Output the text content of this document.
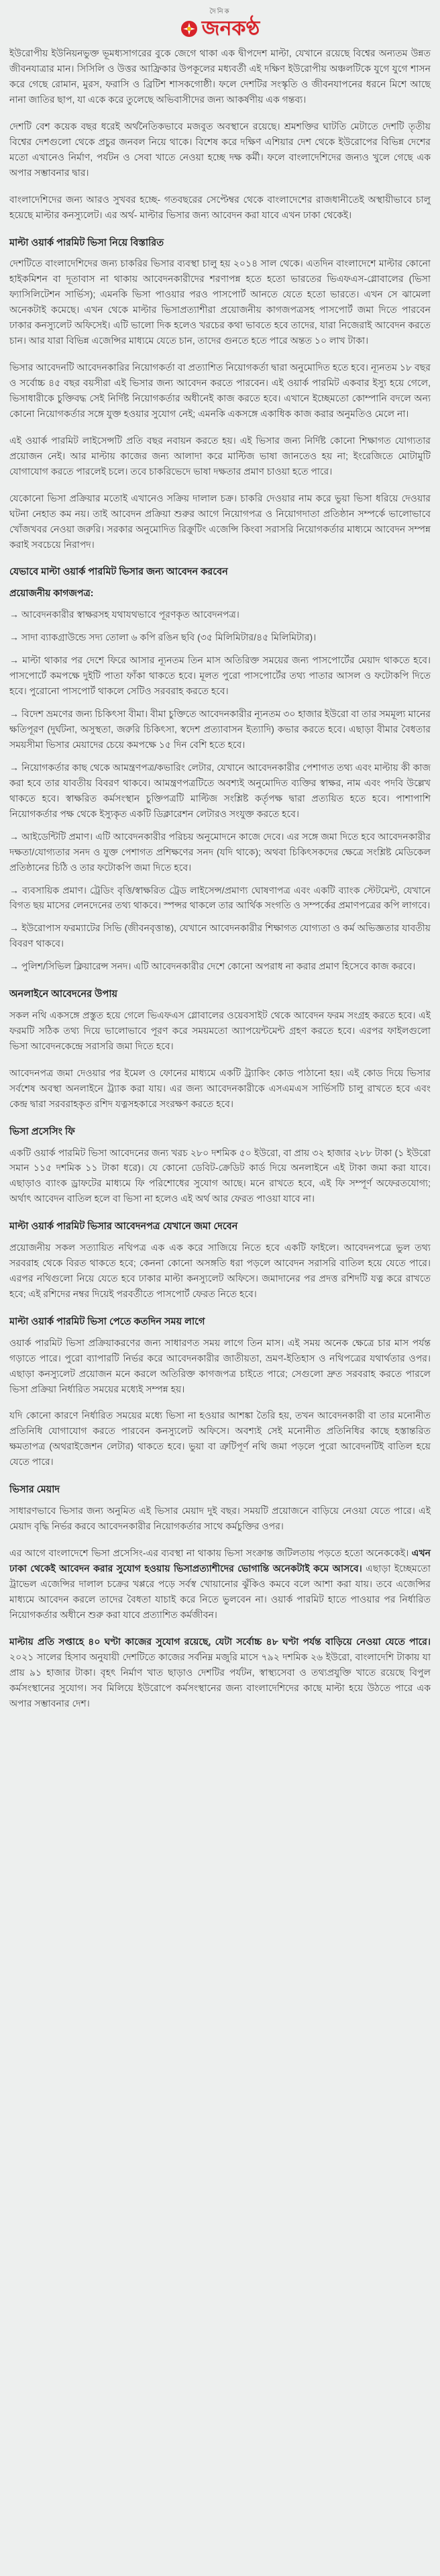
দৈনিক
জনকণ্ঠ

ইউরোপীয় ইউনিয়নভুক্ত ভূমধ্যসাগরের বুকে জেগে থাকা এক দ্বীপদেশ মাল্টা, যেখানে রয়েছে বিশ্বের অন্যতম উন্নত জীবনযাত্রার মান। সিসিলি ও উত্তর আফ্রিকার উপকূলের মধ্যবর্তী এই দক্ষিণ ইউরোপীয় অঞ্চলটিকে যুগে যুগে শাসন করে গেছে রোমান, মুরস, ফরাসি ও ব্রিটিশ শাসকগোষ্ঠী। ফলে দেশটির সংস্কৃতি ও জীবনযাপনের ধরনে মিশে আছে নানা জাতির ছাপ, যা একে করে তুলেছে অভিবাসীদের জন্য আকর্ষণীয় এক গন্তব্য।

দেশটি বেশ কয়েক বছর ধরেই অর্থনৈতিকভাবে মজবুত অবস্থানে রয়েছে। শ্রমশক্তির ঘাটতি মেটাতে দেশটি তৃতীয় বিশ্বের দেশগুলো থেকে প্রচুর জনবল নিয়ে থাকে। বিশেষ করে দক্ষিণ এশিয়ার দেশ থেকে ইউরোপের বিভিন্ন দেশের মতো এখানেও নির্মাণ, পর্যটন ও সেবা খাতে নেওয়া হচ্ছে দক্ষ কর্মী। ফলে বাংলাদেশিদের জন্যও খুলে গেছে এক অপার সম্ভাবনার দ্বার।

বাংলাদেশিদের জন্য আরও সুখবর হচ্ছে- গতবছরের সেপ্টেম্বর থেকে বাংলাদেশের রাজধানীতেই অস্থায়ীভাবে চালু হয়েছে মাল্টার কনস্যুলেট। এর অর্থ- মাল্টার ভিসার জন্য আবেদন করা যাবে এখন ঢাকা থেকেই।

মাল্টা ওয়ার্ক পারমিট ভিসা নিয়ে বিস্তারিত

দেশটিতে বাংলাদেশিদের জন্য চাকরির ভিসার ব্যবস্থা চালু হয় ২০১৪ সাল থেকে। এতদিন বাংলাদেশে মাল্টার কোনো হাইকমিশন বা দূতাবাস না থাকায় আবেদনকারীদের শরণাপন্ন হতে হতো ভারতের ভিএফএস-গ্লোবালের (ভিসা ফ্যাসিলিটেশন সার্ভিস); এমনকি ভিসা পাওয়ার পরও পাসপোর্ট আনতে যেতে হতো ভারতে। এখন সে ঝামেলা অনেকটাই কমেছে। এখন থেকে মাল্টার ভিসাপ্রত্যাশীরা প্রয়োজনীয় কাগজপত্রসহ পাসপোর্ট জমা দিতে পারবেন ঢাকার কনস্যুলেট অফিসেই। এটি ভালো দিক হলেও খরচের কথা ভাবতে হবে তাদের, যারা নিজেরাই আবেদন করতে চান। আর যারা বিভিন্ন এজেন্সির মাধ্যমে যেতে চান, তাদের গুনতে হতে পারে অন্তত ১০ লাখ টাকা।

ভিসার আবেদনটি আবেদনকারির নিয়োগকর্তা বা প্রত্যাশিত নিয়োগকর্তা দ্বারা অনুমোদিত হতে হবে। ন্যূনতম ১৮ বছর ও সর্বোচ্চ ৪৫ বছর বয়সীরা এই ভিসার জন্য আবেদন করতে পারবেন। এই ওয়ার্ক পারমিট একবার ইস্যু হয়ে গেলে, ভিসাধারীকে চুক্তিবদ্ধ সেই নির্দিষ্ট নিয়োগকর্তার অধীনেই কাজ করতে হবে। এখানে ইচ্ছেমতো কোম্পানি বদলে অন্য কোনো নিয়োগকর্তার সঙ্গে যুক্ত হওয়ার সুযোগ নেই; এমনকি একসঙ্গে একাধিক কাজ করার অনুমতিও মেলে না।

এই ওয়ার্ক পারমিট লাইসেন্সটি প্রতি বছর নবায়ন করতে হয়। এই ভিসার জন্য নির্দিষ্ট কোনো শিক্ষাগত যোগ্যতার প্রয়োজন নেই। আর মাল্টায় কাজের জন্য আলাদা করে মাল্টিজ ভাষা জানতেও হয় না; ইংরেজিতে মোটামুটি যোগাযোগ করতে পারলেই চলে। তবে চাকরিভেদে ভাষা দক্ষতার প্রমাণ চাওয়া হতে পারে।

যেকোনো ভিসা প্রক্রিয়ার মতোই এখানেও সক্রিয় দালাল চক্র। চাকরি দেওয়ার নাম করে ভুয়া ভিসা ধরিয়ে দেওয়ার ঘটনা নেহাত কম নয়। তাই আবেদন প্রক্রিয়া শুরুর আগে নিয়োগপত্র ও নিয়োগদাতা প্রতিষ্ঠান সম্পর্কে ভালোভাবে খোঁজখবর নেওয়া জরুরি। সরকার অনুমোদিত রিক্রুটিং এজেন্সি কিংবা সরাসরি নিয়োগকর্তার মাধ্যমে আবেদন সম্পন্ন করাই সবচেয়ে নিরাপদ।

যেভাবে মাল্টা ওয়ার্ক পারমিট ভিসার জন্য আবেদন করবেন

প্রয়োজনীয় কাগজপত্র:

→ আবেদনকারীর স্বাক্ষরসহ যথাযথভাবে পূরণকৃত আবেদনপত্র।

→ সাদা ব্যাকগ্রাউন্ডে সদ্য তোলা ৬ কপি রঙিন ছবি (৩৫ মিলিমিটার/৪৫ মিলিমিটার)।

→ মাল্টা থাকার পর দেশে ফিরে আসার ন্যূনতম তিন মাস অতিরিক্ত সময়ের জন্য পাসপোর্টের মেয়াদ থাকতে হবে। পাসপোর্টে কমপক্ষে দুইটি পাতা ফাঁকা থাকতে হবে। মূলত পুরো পাসপোর্টের তথ্য পাতার আসল ও ফটোকপি দিতে হবে। পুরোনো পাসপোর্ট থাকলে সেটিও সরবরাহ করতে হবে।

→ বিদেশ ভ্রমণের জন্য চিকিৎসা বীমা। বীমা চুক্তিতে আবেদনকারীর ন্যূনতম ৩০ হাজার ইউরো বা তার সমমূল্য মানের ক্ষতিপূরণ (দুর্ঘটনা, অসুস্থতা, জরুরি চিকিৎসা, স্বদেশ প্রত্যাবাসন ইত্যাদি) কভার করতে হবে। এছাড়া বীমার বৈধতার সময়সীমা ভিসার মেয়াদের চেয়ে কমপক্ষে ১৫ দিন বেশি হতে হবে।

→ নিয়োগকর্তার কাছ থেকে আমন্ত্রণপত্র/কভারিং লেটার, যেখানে আবেদনকারীর পেশাগত তথ্য এবং মাল্টায় কী কাজ করা হবে তার যাবতীয় বিবরণ থাকবে। আমন্ত্রণপত্রটিতে অবশ্যই অনুমোদিত ব্যক্তির স্বাক্ষর, নাম এবং পদবি উল্লেখ থাকতে হবে। স্বাক্ষরিত কর্মসংস্থান চুক্তিপত্রটি মাল্টিজ সংশ্লিষ্ট কর্তৃপক্ষ দ্বারা প্রত্যয়িত হতে হবে। পাশাপাশি নিয়োগকর্তার পক্ষ থেকে ইস্যুকৃত একটি ডিক্লারেশন লেটারও সংযুক্ত করতে হবে।

→ আইডেন্টিটি প্রমাণ। এটি আবেদনকারীর পরিচয় অনুমোদনে কাজে দেবে। এর সঙ্গে জমা দিতে হবে আবেদনকারীর দক্ষতা/যোগ্যতার সনদ ও যুক্ত পেশাগত প্রশিক্ষণের সনদ (যদি থাকে); অথবা চিকিৎসকদের ক্ষেত্রে সংশ্লিষ্ট মেডিকেল প্রতিষ্ঠানের চিঠি ও তার ফটোকপি জমা দিতে হবে।

→ ব্যবসায়িক প্রমাণ। ট্রেডিং বৃত্তি/স্বাক্ষরিত ট্রেড লাইসেন্স/প্রমাণ্য ঘোষণাপত্র এবং একটি ব্যাংক স্টেটমেন্ট, যেখানে বিগত ছয় মাসের লেনদেনের তথ্য থাকবে। স্পন্সর থাকলে তার আর্থিক সংগতি ও সম্পর্কের প্রমাণপত্রের কপি লাগবে।

→ ইউরোপাস ফরম্যাটের সিভি (জীবনবৃত্তান্ত), যেখানে আবেদনকারীর শিক্ষাগত যোগ্যতা ও কর্ম অভিজ্ঞতার যাবতীয় বিবরণ থাকবে।

→ পুলিশ/সিভিল ক্লিয়ারেন্স সনদ। এটি আবেদনকারীর দেশে কোনো অপরাধ না করার প্রমাণ হিসেবে কাজ করবে।

অনলাইনে আবেদনের উপায়

সকল নথি একসঙ্গে প্রস্তুত হয়ে গেলে ভিএফএস গ্লোবালের ওয়েবসাইট থেকে আবেদন ফরম সংগ্রহ করতে হবে। এই ফরমটি সঠিক তথ্য দিয়ে ভালোভাবে পূরণ করে সময়মতো অ্যাপয়েন্টমেন্ট গ্রহণ করতে হবে। এরপর ফাইলগুলো ভিসা আবেদনকেন্দ্রে সরাসরি জমা দিতে হবে।

আবেদনপত্র জমা দেওয়ার পর ইমেল ও ফোনের মাধ্যমে একটি ট্র্যাকিং কোড পাঠানো হয়। এই কোড দিয়ে ভিসার সর্বশেষ অবস্থা অনলাইনে ট্র্যাক করা যায়। এর জন্য আবেদনকারীকে এসএমএস সার্ভিসটি চালু রাখতে হবে এবং কেন্দ্র দ্বারা সরবরাহকৃত রশিদ যত্নসহকারে সংরক্ষণ করতে হবে।

ভিসা প্রসেসিং ফি

একটি ওয়ার্ক পারমিট ভিসা আবেদনের জন্য খরচ ২৮০ দশমিক ৫০ ইউরো, বা প্রায় ৩২ হাজার ২৮৮ টাকা (১ ইউরো সমান ১১৫ দশমিক ১১ টাকা ধরে)। যে কোনো ডেবিট-ক্রেডিট কার্ড দিয়ে অনলাইনে এই টাকা জমা করা যাবে। এছাড়াও ব্যাংক ড্রাফটের মাধ্যমে ফি পরিশোধের সুযোগ আছে। মনে রাখতে হবে, এই ফি সম্পূর্ণ অফেরতযোগ্য; অর্থাৎ আবেদন বাতিল হলে বা ভিসা না হলেও এই অর্থ আর ফেরত পাওয়া যাবে না।

মাল্টা ওয়ার্ক পারমিট ভিসার আবেদনপত্র যেখানে জমা দেবেন

প্রয়োজনীয় সকল সত্যায়িত নথিপত্র এক এক করে সাজিয়ে নিতে হবে একটি ফাইলে। আবেদনপত্রে ভুল তথ্য সরবরাহ থেকে বিরত থাকতে হবে; কেননা কোনো অসঙ্গতি ধরা পড়লে আবেদন সরাসরি বাতিল হয়ে যেতে পারে। এরপর নথিগুলো নিয়ে যেতে হবে ঢাকার মাল্টা কনস্যুলেট অফিসে। জমাদানের পর প্রদত্ত রশিদটি যত্ন করে রাখতে হবে; এই রশিদের নম্বর দিয়েই পরবর্তীতে পাসপোর্ট ফেরত নিতে হবে।

মাল্টা ওয়ার্ক পারমিট ভিসা পেতে কতদিন সময় লাগে

ওয়ার্ক পারমিট ভিসা প্রক্রিয়াকরণের জন্য সাধারণত সময় লাগে তিন মাস। এই সময় অনেক ক্ষেত্রে চার মাস পর্যন্ত গড়াতে পারে। পুরো ব্যাপারটি নির্ভর করে আবেদনকারীর জাতীয়তা, ভ্রমণ-ইতিহাস ও নথিপত্রের যথার্থতার ওপর। এছাড়া কনস্যুলেট প্রয়োজন মনে করলে অতিরিক্ত কাগজপত্র চাইতে পারে; সেগুলো দ্রুত সরবরাহ করতে পারলে ভিসা প্রক্রিয়া নির্ধারিত সময়ের মধ্যেই সম্পন্ন হয়।

যদি কোনো কারণে নির্ধারিত সময়ের মধ্যে ভিসা না হওয়ার আশঙ্কা তৈরি হয়, তখন আবেদনকারী বা তার মনোনীত প্রতিনিধি যোগাযোগ করতে পারবেন কনস্যুলেট অফিসে। অবশ্যই সেই মনোনীত প্রতিনিধির কাছে হস্তান্তরিত ক্ষমতাপত্র (অথরাইজেশন লেটার) থাকতে হবে। ভুয়া বা ত্রুটিপূর্ণ নথি জমা পড়লে পুরো আবেদনটিই বাতিল হয়ে যেতে পারে।

ভিসার মেয়াদ

সাধারণভাবে ভিসার জন্য অনুমিত এই ভিসার মেয়াদ দুই বছর। সময়টি প্রয়োজনে বাড়িয়ে নেওয়া যেতে পারে। এই মেয়াদ বৃদ্ধি নির্ভর করবে আবেদনকারীর নিয়োগকর্তার সাথে কর্মচুক্তির ওপর।

এর আগে বাংলাদেশে ভিসা প্রসেসিং-এর ব্যবস্থা না থাকায় ভিসা সংক্রান্ত জটিলতায় পড়তে হতো অনেককেই। এখন ঢাকা থেকেই আবেদন করার সুযোগ হওয়ায় ভিসাপ্রত্যাশীদের ভোগান্তি অনেকটাই কমে আসবে। এছাড়া ইচ্ছেমতো ট্রাভেল এজেন্সির দালাল চক্রের খপ্পরে পড়ে সর্বস্ব খোয়ানোর ঝুঁকিও কমবে বলে আশা করা যায়। তবে এজেন্সির মাধ্যমে আবেদন করলে তাদের বৈধতা যাচাই করে নিতে ভুলবেন না। ওয়ার্ক পারমিট হাতে পাওয়ার পর নির্ধারিত নিয়োগকর্তার অধীনে শুরু করা যাবে প্রত্যাশিত কর্মজীবন।

মাল্টায় প্রতি সপ্তাহে ৪০ ঘণ্টা কাজের সুযোগ রয়েছে, যেটা সর্বোচ্চ ৪৮ ঘণ্টা পর্যন্ত বাড়িয়ে নেওয়া যেতে পারে। ২০২১ সালের হিসাব অনুযায়ী দেশটিতে কাজের সর্বনিম্ন মজুরি মাসে ৭৯২ দশমিক ২৬ ইউরো, বাংলাদেশি টাকায় যা প্রায় ৯১ হাজার টাকা। বৃহৎ নির্মাণ খাত ছাড়াও দেশটির পর্যটন, স্বাস্থ্যসেবা ও তথ্যপ্রযুক্তি খাতে রয়েছে বিপুল কর্মসংস্থানের সুযোগ। সব মিলিয়ে ইউরোপে কর্মসংস্থানের জন্য বাংলাদেশিদের কাছে মাল্টা হয়ে উঠতে পারে এক অপার সম্ভাবনার দেশ।
